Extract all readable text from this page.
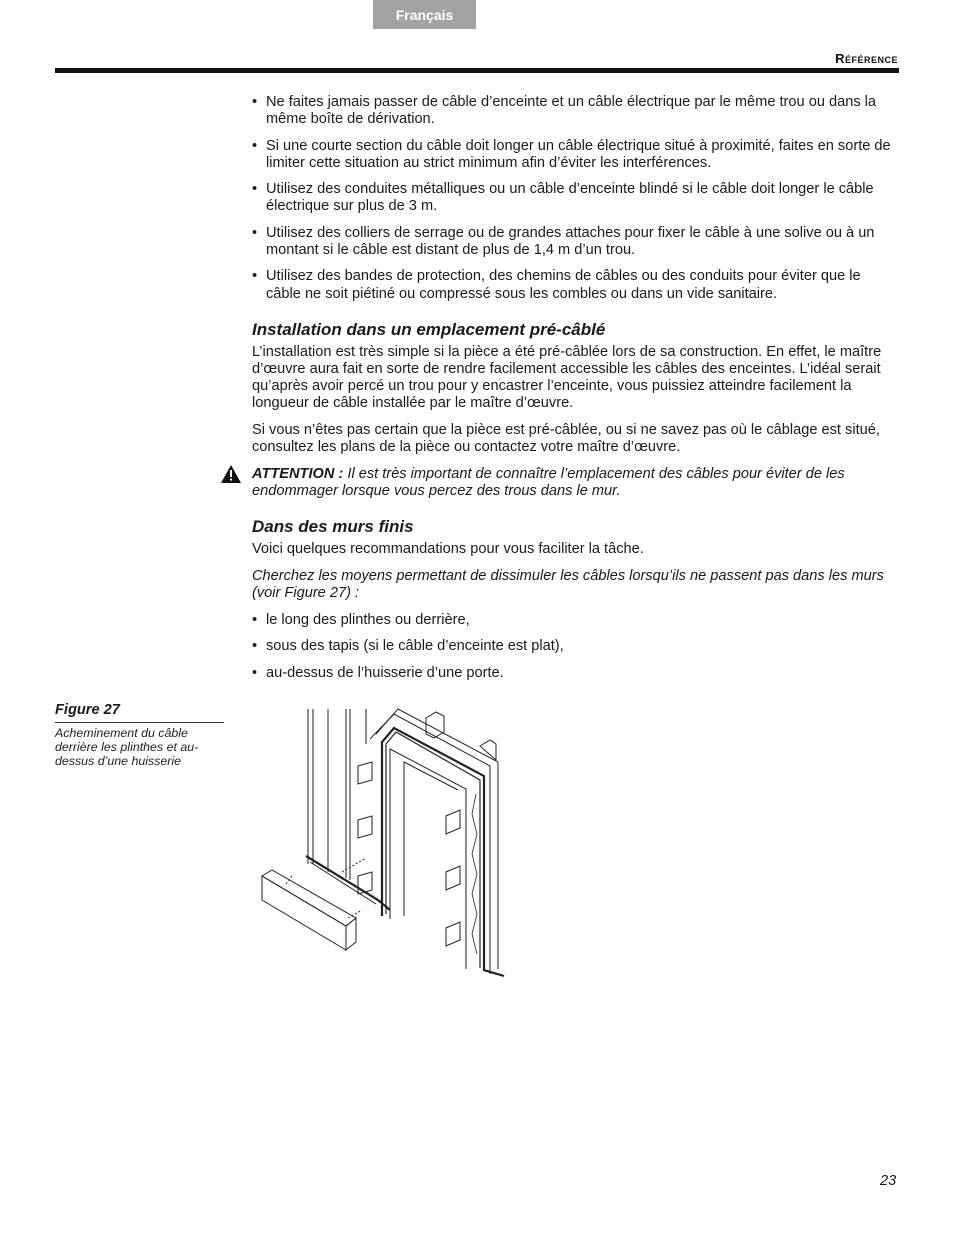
Français
Référence
• Ne faites jamais passer de câble d’enceinte et un câble électrique par le même trou ou dans la même boîte de dérivation.
• Si une courte section du câble doit longer un câble électrique situé à proximité, faites en sorte de limiter cette situation au strict minimum afin d’éviter les interférences.
• Utilisez des conduites métalliques ou un câble d’enceinte blindé si le câble doit longer le câble électrique sur plus de 3 m.
• Utilisez des colliers de serrage ou de grandes attaches pour fixer le câble à une solive ou à un montant si le câble est distant de plus de 1,4 m d’un trou.
• Utilisez des bandes de protection, des chemins de câbles ou des conduits pour éviter que le câble ne soit piétiné ou compressé sous les combles ou dans un vide sanitaire.
Installation dans un emplacement pré-câblé

L’installation est très simple si la pièce a été pré-câblée lors de sa construction. En effet, le maître d’œuvre aura fait en sorte de rendre facilement accessible les câbles des enceintes. L’idéal serait qu’après avoir percé un trou pour y encastrer l’enceinte, vous puissiez atteindre facilement la longueur de câble installée par le maître d’œuvre.

Si vous n’êtes pas certain que la pièce est pré-câblée, ou si ne savez pas où le câblage est situé, consultez les plans de la pièce ou contactez votre maître d’œuvre.

ATTENTION : Il est très important de connaître l’emplacement des câbles pour éviter de les endommager lorsque vous percez des trous dans le mur.
Dans des murs finis

Voici quelques recommandations pour vous faciliter la tâche.

Cherchez les moyens permettant de dissimuler les câbles lorsqu’ils ne passent pas dans les murs (voir Figure 27) :

• le long des plinthes ou derrière,
• sous des tapis (si le câble d’enceinte est plat),
• au-dessus de l’huisserie d’une porte.
Figure 27
Acheminement du câble derrière les plinthes et au-dessus d’une huisserie
23
